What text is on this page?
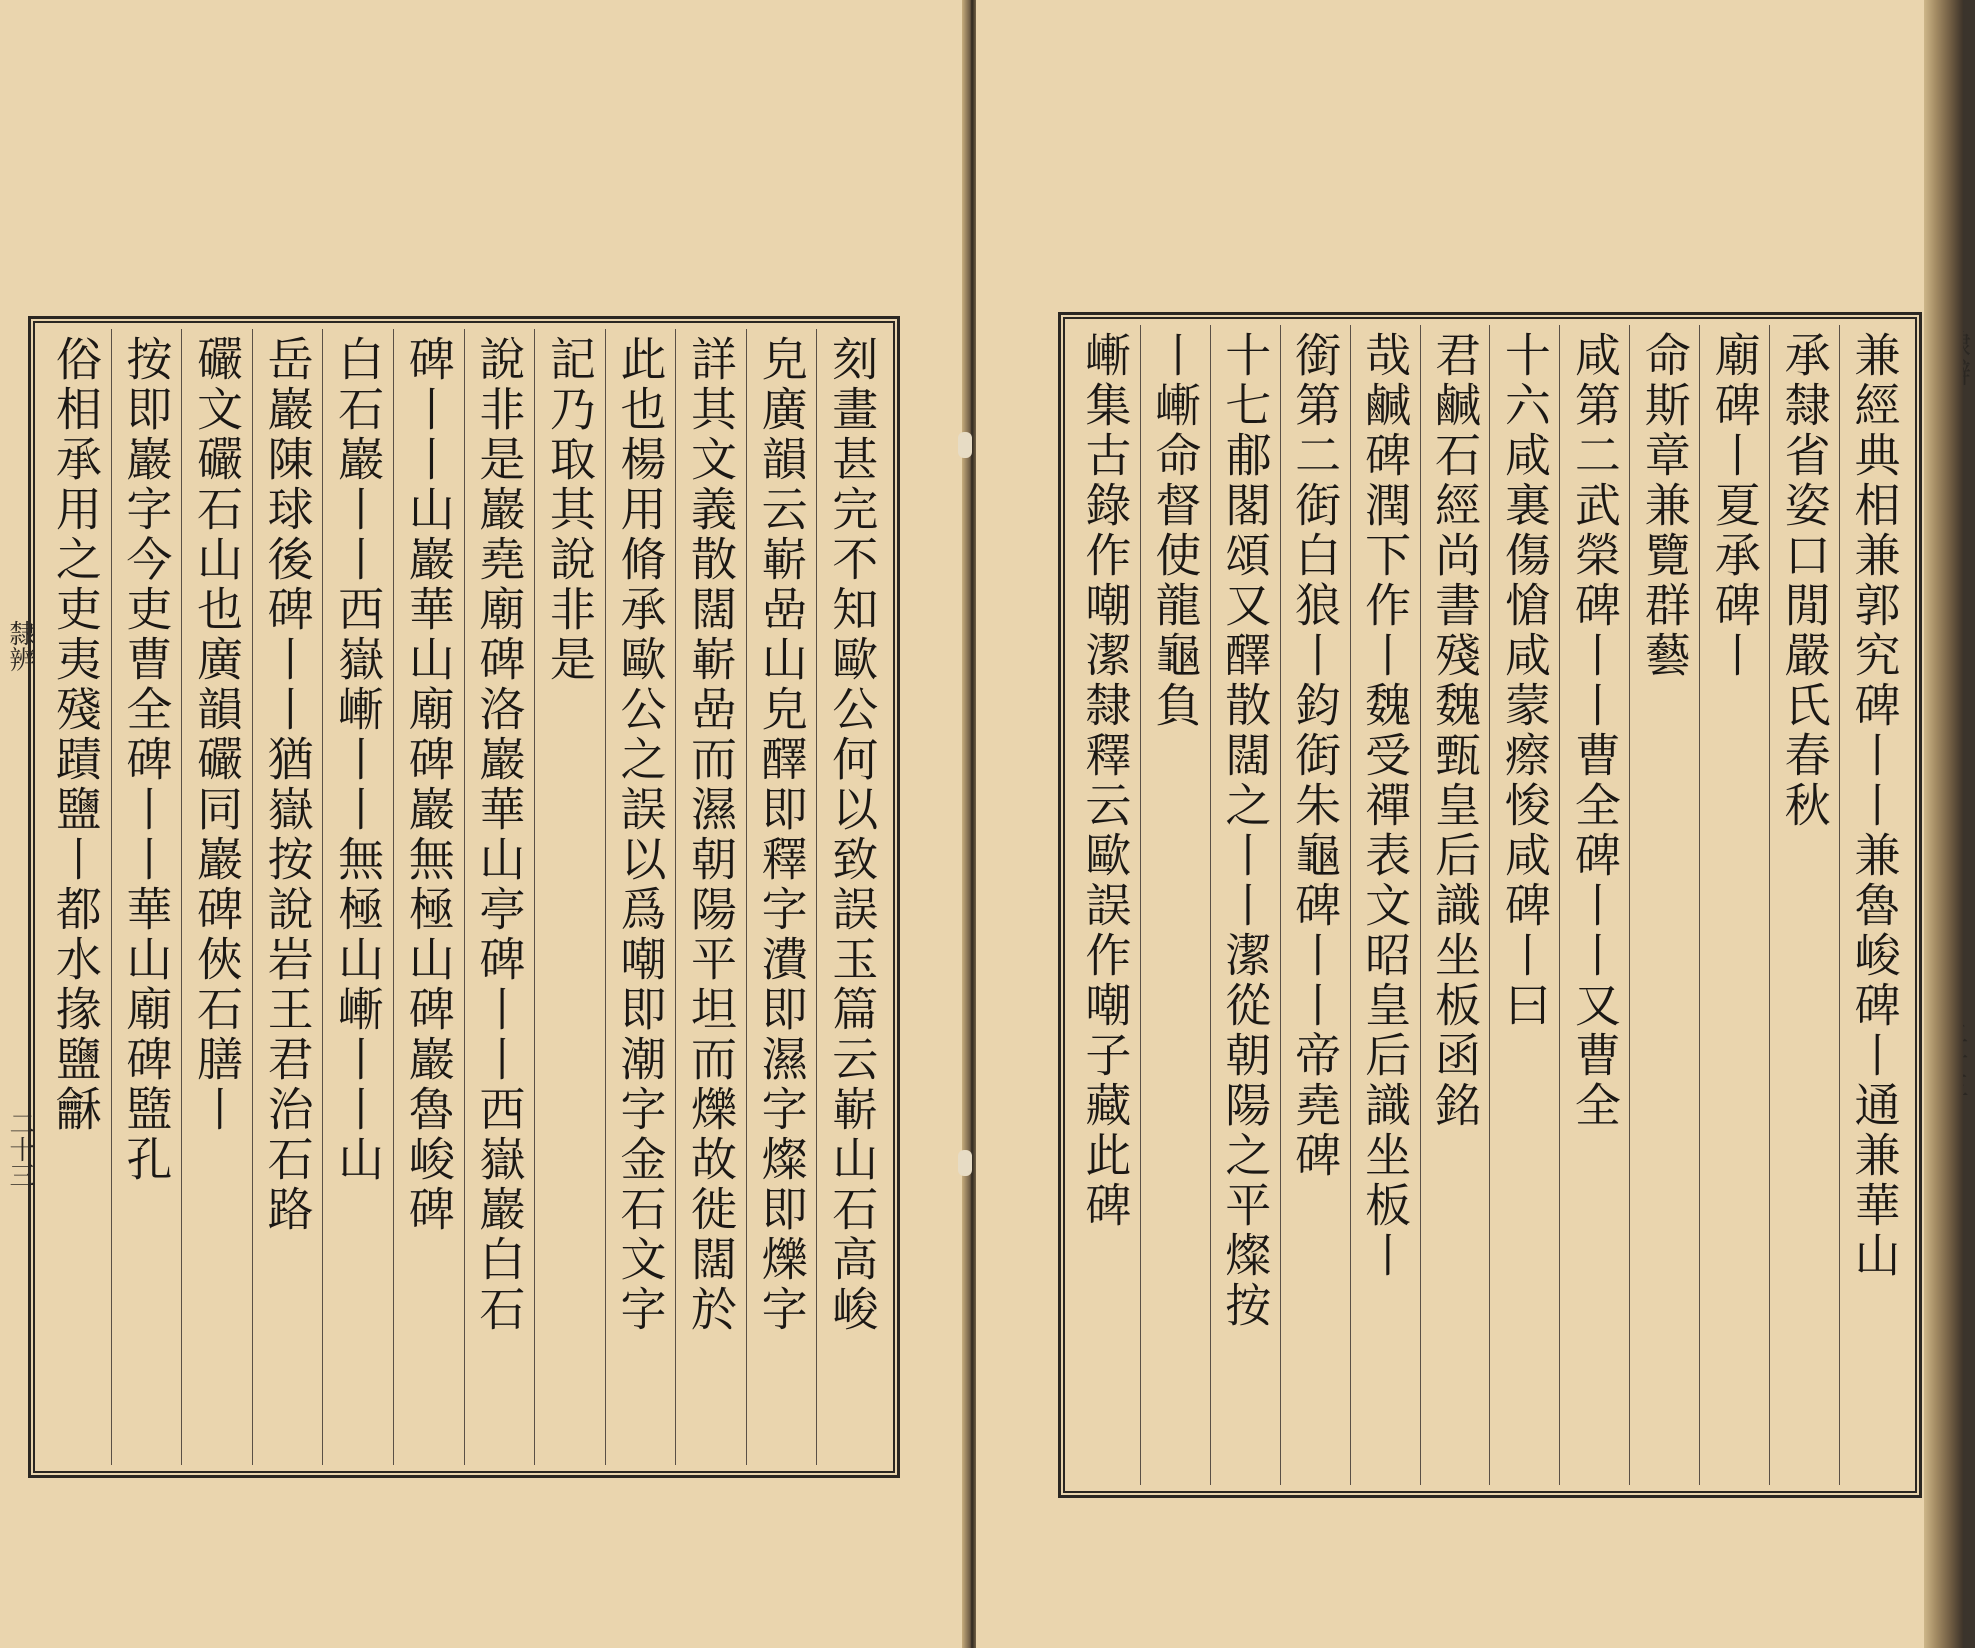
刻畫甚完不知歐公何以致誤玉篇云嶄山石高峻
皃廣韻云嶄嵒山皃醳即釋字㵒即濕字燦即爍字
詳其文義散闊嶄嵒而濕朝陽平坦而爍故徙闊於
此也楊用脩承歐公之誤以爲嘲即潮字金石文字
記乃取其說非是
說非是巖堯廟碑洛巖華山亭碑丨丨西嶽巖白石
碑丨丨山巖華山廟碑巖無極山碑巖魯峻碑
白石巖丨丨西嶽嶃丨丨無極山嶃丨丨山
岳巖陳球後碑丨丨猶嶽按說岩王君治石路
礹文礹石山也廣韻礹同巖碑俠石膳丨
按即巖字今吏曹全碑丨丨華山廟碑盬孔
俗相承用之吏夷殘蹟鹽丨都水掾鹽龢
隸辨
二十三	兼經典相兼郭究碑丨丨兼魯峻碑丨通兼華山
承隸省姿口閒嚴氏春秋
廟碑丨夏承碑丨
命斯章兼覽群藝
咸第二武榮碑丨丨曹全碑丨丨又曹全
十六咸裏傷愴咸蒙瘵悛咸碑丨曰
君鹹石經尚書殘魏甄皇后識坐板函銘
哉鹹碑潤下作丨魏受禪表文昭皇后識坐板丨
銜第二衘白狼丨鈞衘朱龜碑丨丨帝堯碑
十七郙閣頌又醳散闊之丨丨潔從朝陽之平燦按
丨嶃命督使龍龜負
嶃集古錄作嘲潔隸釋云歐誤作嘲子藏此碑
